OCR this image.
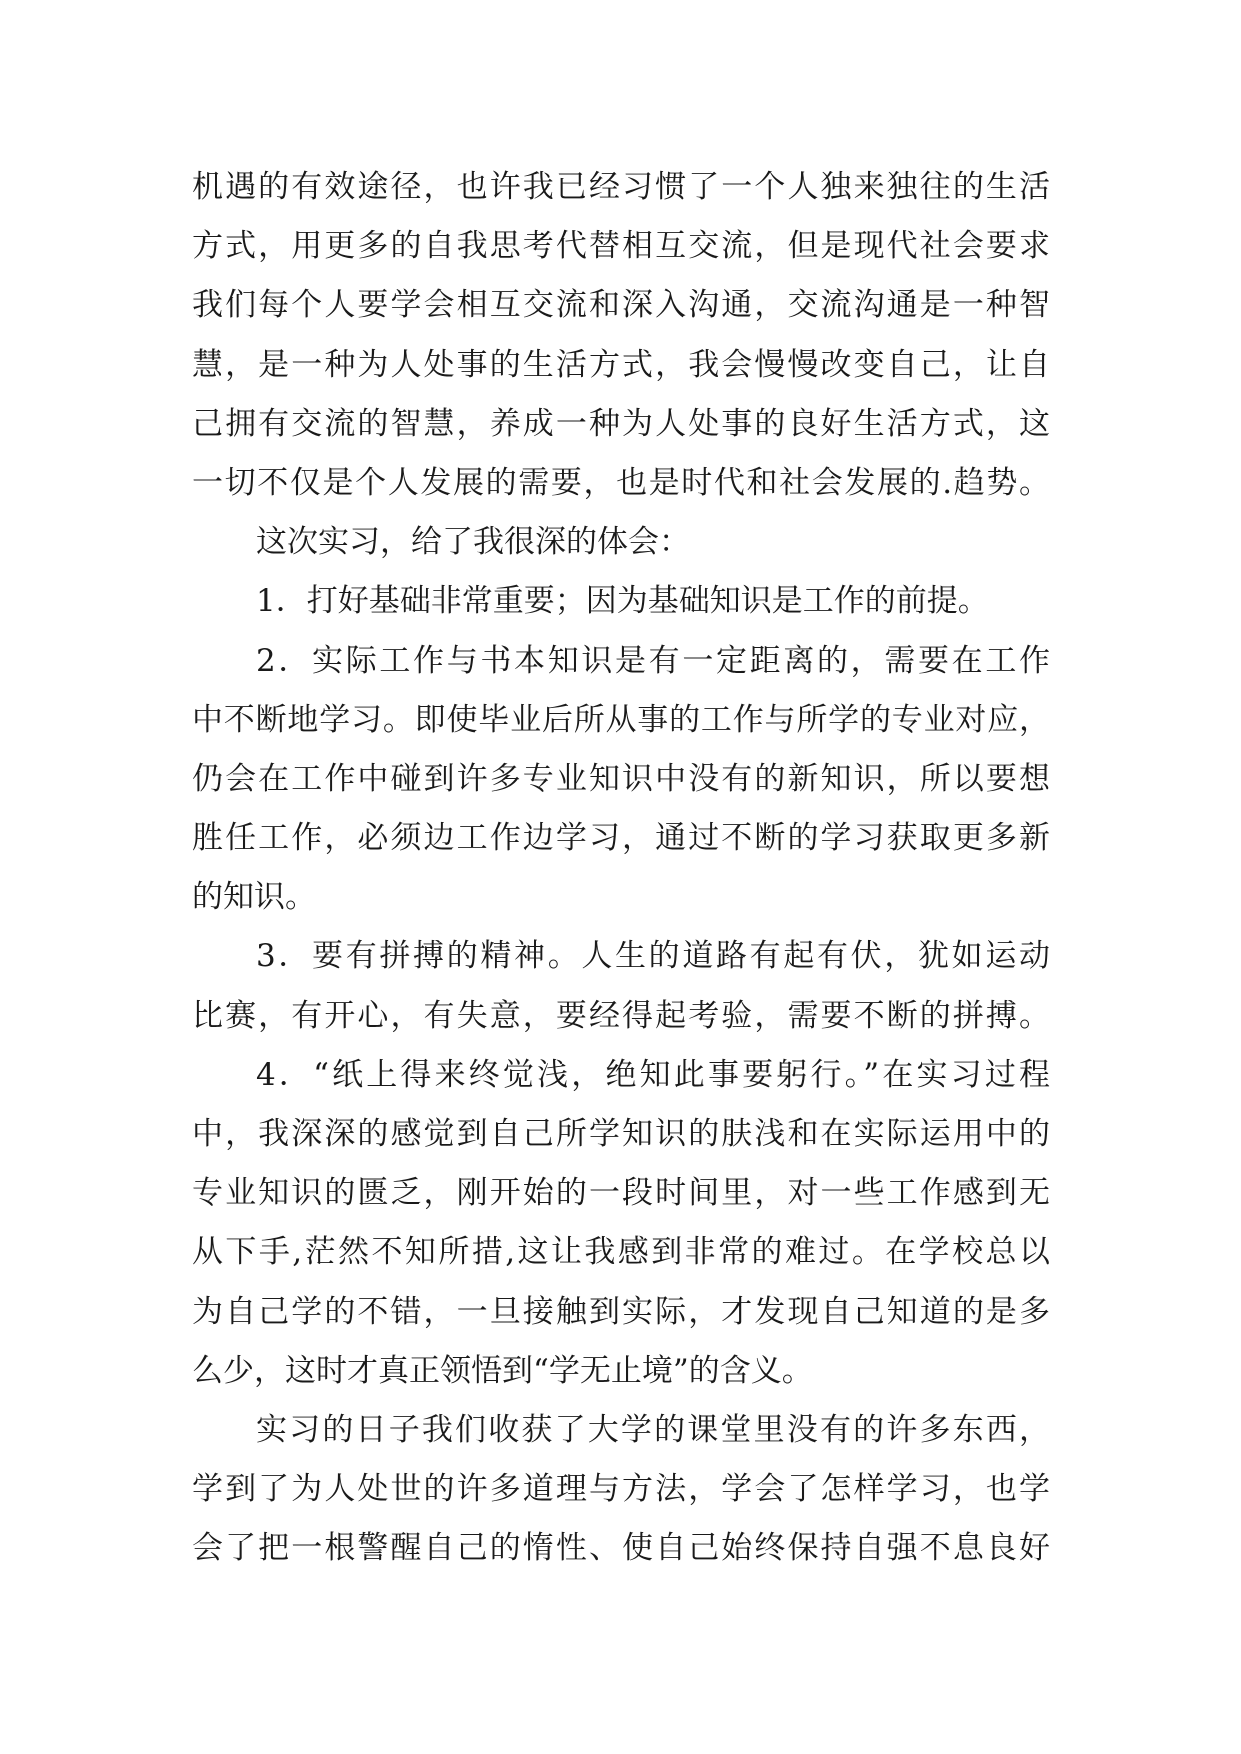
机遇的有效途径，也许我已经习惯了一个人独来独往的生活
方式，用更多的自我思考代替相互交流，但是现代社会要求
我们每个人要学会相互交流和深入沟通，交流沟通是一种智
慧，是一种为人处事的生活方式，我会慢慢改变自己，让自
己拥有交流的智慧，养成一种为人处事的良好生活方式，这
一切不仅是个人发展的需要，也是时代和社会发展的.趋势。
这次实习，给了我很深的体会：
1．打好基础非常重要；因为基础知识是工作的前提。
2．实际工作与书本知识是有一定距离的，需要在工作
中不断地学习。即使毕业后所从事的工作与所学的专业对应，
仍会在工作中碰到许多专业知识中没有的新知识，所以要想
胜任工作，必须边工作边学习，通过不断的学习获取更多新
的知识。
3．要有拼搏的精神。人生的道路有起有伏，犹如运动
比赛，有开心，有失意，要经得起考验，需要不断的拼搏。
4．“纸上得来终觉浅，绝知此事要躬行。”在实习过程
中，我深深的感觉到自己所学知识的肤浅和在实际运用中的
专业知识的匮乏，刚开始的一段时间里，对一些工作感到无
从下手,茫然不知所措,这让我感到非常的难过。在学校总以
为自己学的不错，一旦接触到实际，才发现自己知道的是多
么少，这时才真正领悟到“学无止境”的含义。
实习的日子我们收获了大学的课堂里没有的许多东西，
学到了为人处世的许多道理与方法，学会了怎样学习，也学
会了把一根警醒自己的惰性、使自己始终保持自强不息良好
